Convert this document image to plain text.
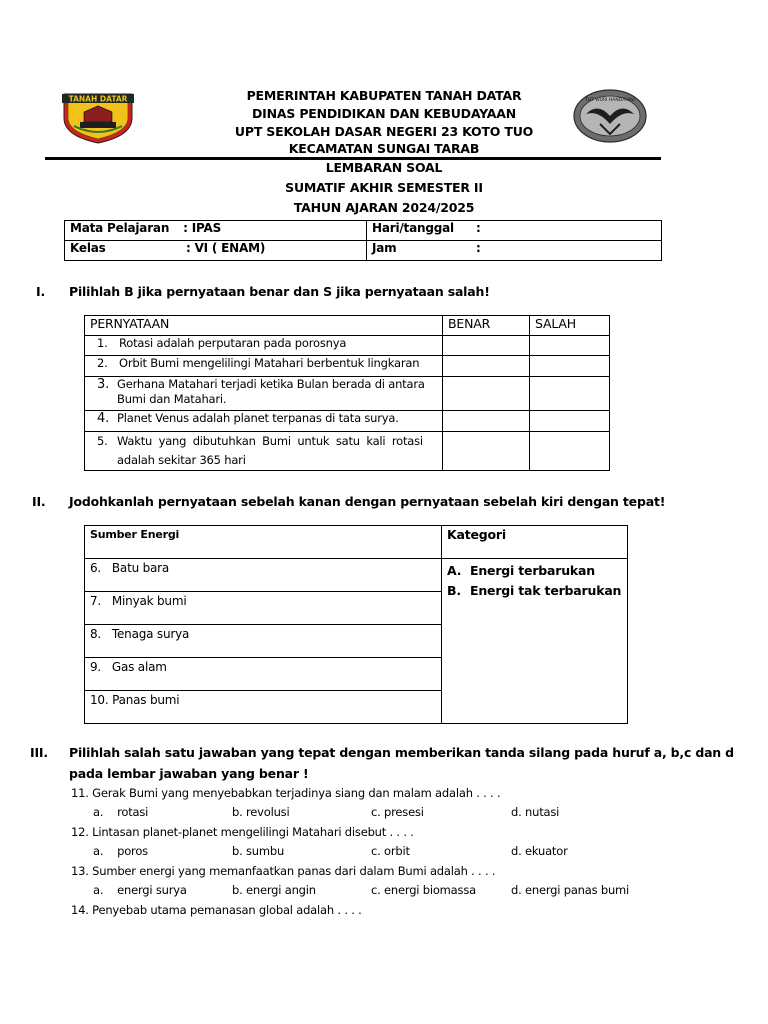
TANAH DATAR	PEMERINTAH KABUPATEN TANAH DATAR
DINAS PENDIDIKAN DAN KEBUDAYAAN
UPT SEKOLAH DASAR NEGERI 23 KOTO TUO
KECAMATAN SUNGAI TARAB
TUT WURI HANDAYANI
LEMBARAN SOAL
SUMATIF AKHIR SEMESTER II
TAHUN AJARAN 2024/2025
Mata Pelajaran : IPAS	Hari/tanggal :
Kelas : VI ( ENAM)	Jam :
I. Pilihlah B jika pernyataan benar dan S jika pernyataan salah!
PERNYATAAN	BENAR	SALAH
1. Rotasi adalah perputaran pada porosnya		
2. Orbit Bumi mengelilingi Matahari berbentuk lingkaran		
3. Gerhana Matahari terjadi ketika Bulan berada di antara
Bumi dan Matahari.		
4. Planet Venus adalah planet terpanas di tata surya.		
5. Waktu yang dibutuhkan Bumi untuk satu kali rotasi
adalah sekitar 365 hari		
II. Jodohkanlah pernyataan sebelah kanan dengan pernyataan sebelah kiri dengan tepat!
Sumber Energi	Kategori
6.   Batu bara	A. Energi terbarukan
B. Energi tak terbarukan

7.   Minyak bumi	
8.   Tenaga surya	
9.   Gas alam	
10. Panas bumi	
III. Pilihlah salah satu jawaban yang tepat dengan memberikan tanda silang pada huruf a, b,c dan d
pada lembar jawaban yang benar !
11. Gerak Bumi yang menyebabkan terjadinya siang dan malam adalah . . . .
a.    rotasi	b. revolusi	c. presesi	d. nutasi
12. Lintasan planet-planet mengelilingi Matahari disebut . . . .
a.    poros	b. sumbu	c. orbit	d. ekuator
13. Sumber energi yang memanfaatkan panas dari dalam Bumi adalah . . . .
a.    energi surya	b. energi angin	c. energi biomassa	d. energi panas bumi
14. Penyebab utama pemanasan global adalah . . . .
